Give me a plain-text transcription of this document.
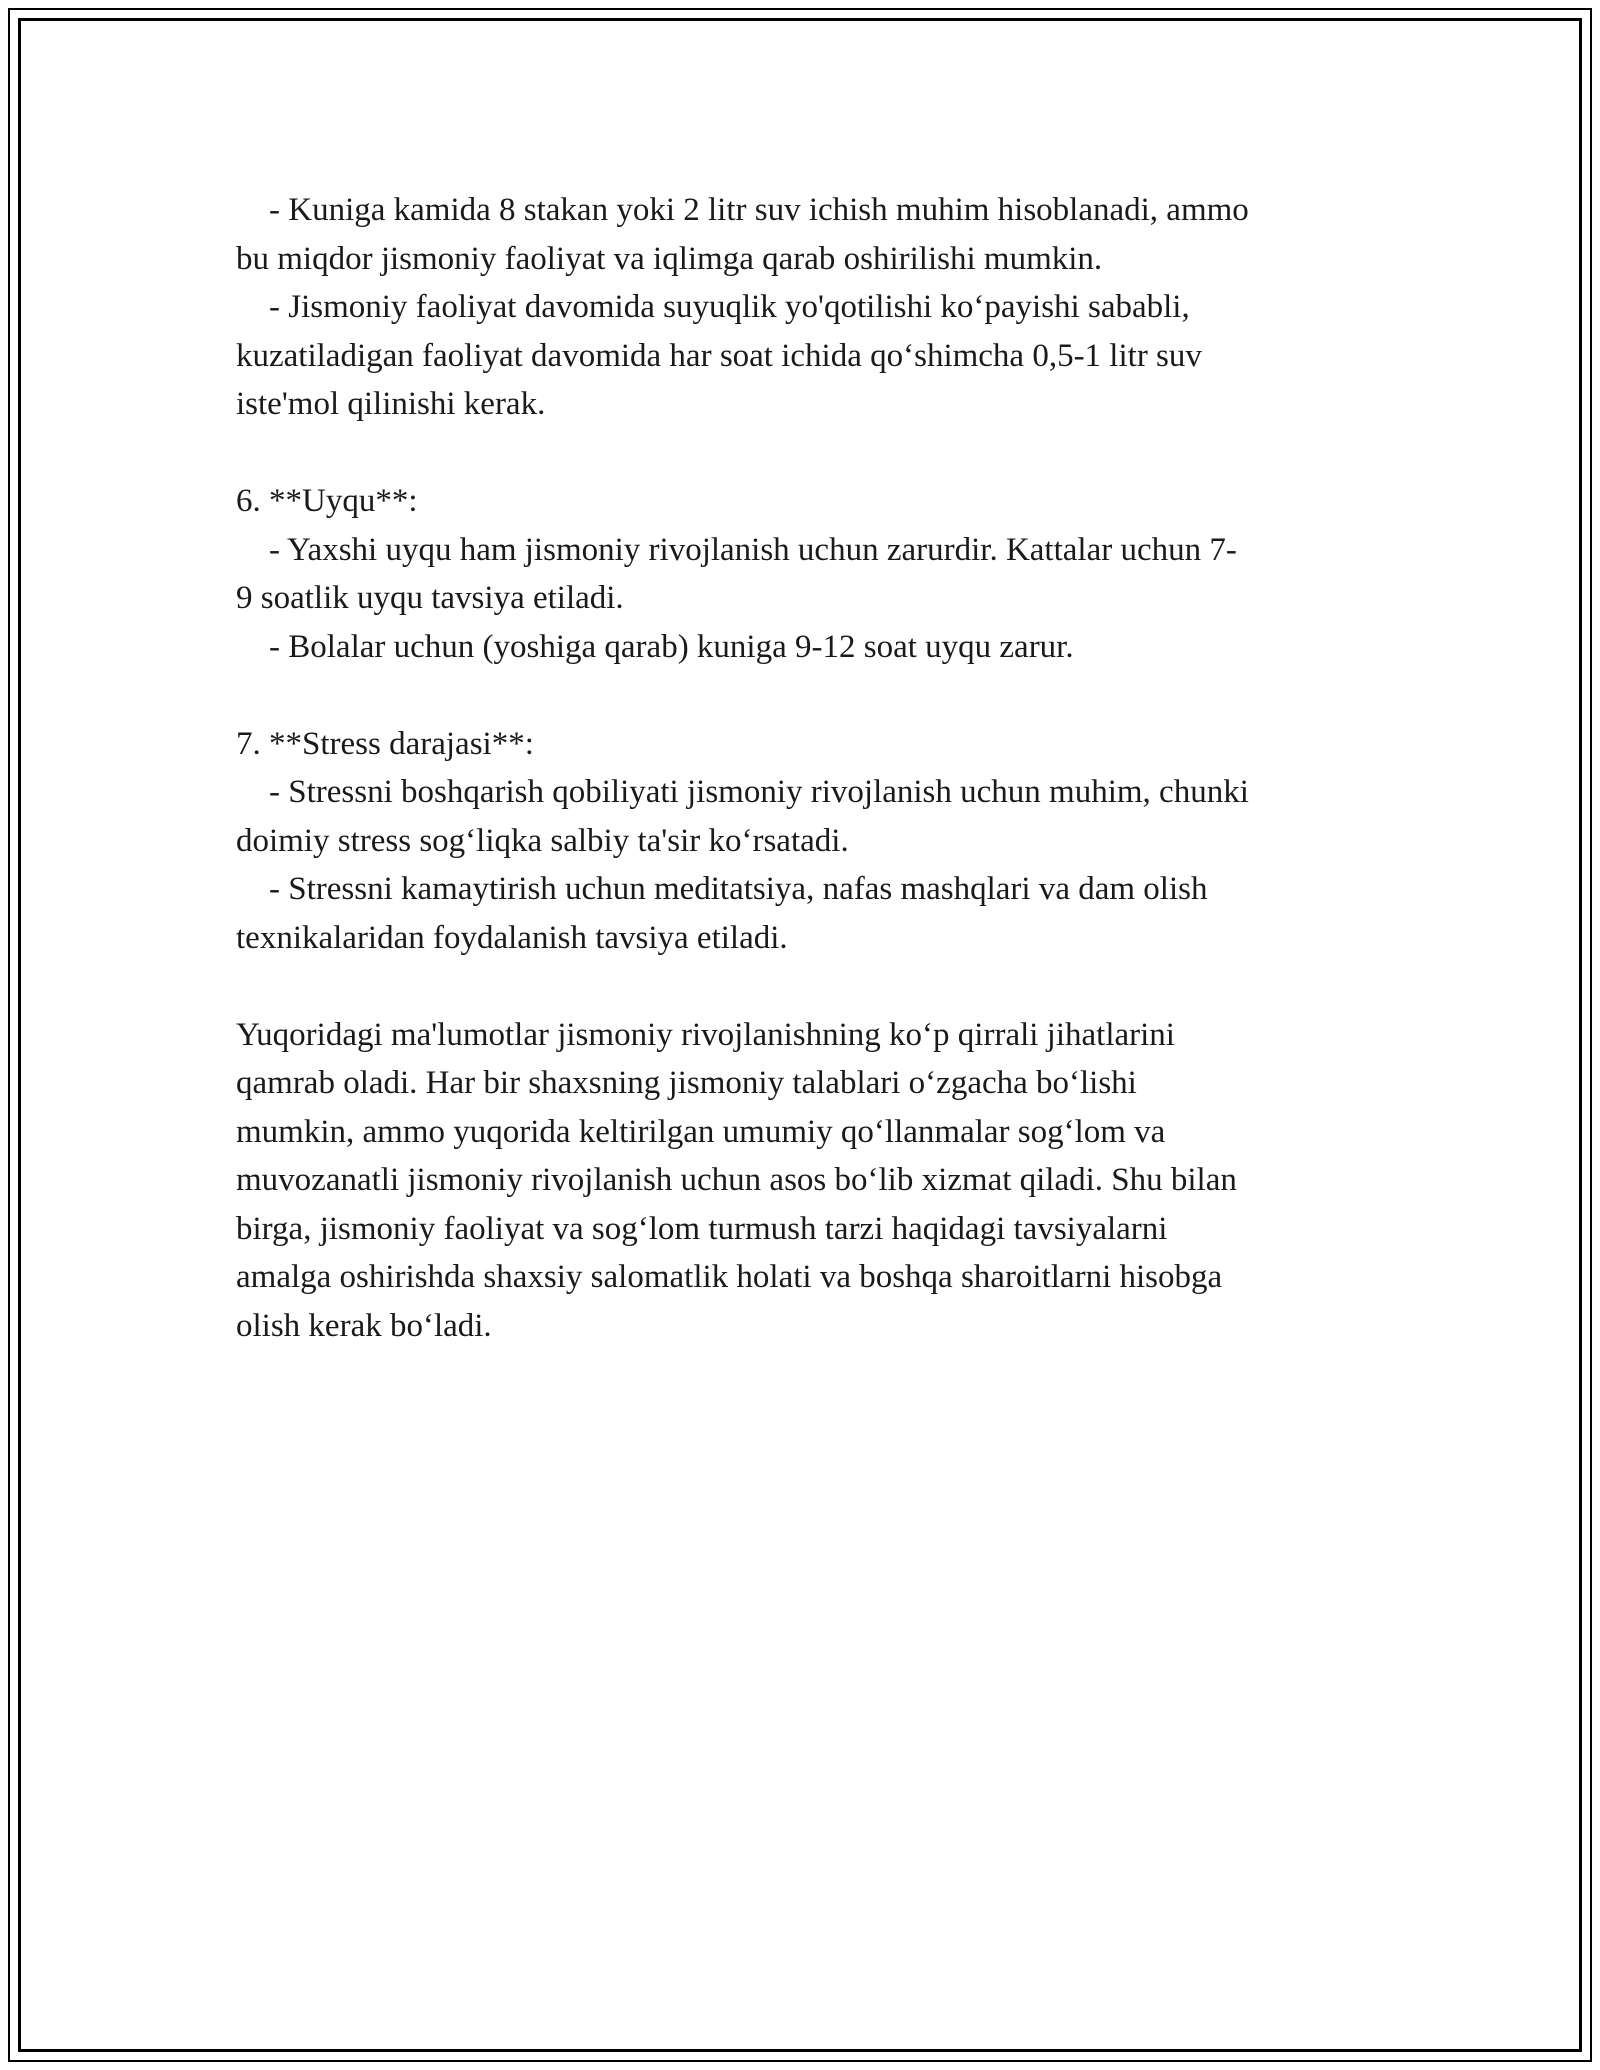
- Kuniga kamida 8 stakan yoki 2 litr suv ichish muhim hisoblanadi, ammo
bu miqdor jismoniy faoliyat va iqlimga qarab oshirilishi mumkin.
- Jismoniy faoliyat davomida suyuqlik yo'qotilishi ko‘payishi sababli,
kuzatiladigan faoliyat davomida har soat ichida qo‘shimcha 0,5-1 litr suv
iste'mol qilinishi kerak.
6. **Uyqu**:
- Yaxshi uyqu ham jismoniy rivojlanish uchun zarurdir. Kattalar uchun 7-
9 soatlik uyqu tavsiya etiladi.
- Bolalar uchun (yoshiga qarab) kuniga 9-12 soat uyqu zarur.
7. **Stress darajasi**:
- Stressni boshqarish qobiliyati jismoniy rivojlanish uchun muhim, chunki
doimiy stress sog‘liqka salbiy ta'sir ko‘rsatadi.
- Stressni kamaytirish uchun meditatsiya, nafas mashqlari va dam olish
texnikalaridan foydalanish tavsiya etiladi.
Yuqoridagi ma'lumotlar jismoniy rivojlanishning ko‘p qirrali jihatlarini
qamrab oladi. Har bir shaxsning jismoniy talablari o‘zgacha bo‘lishi
mumkin, ammo yuqorida keltirilgan umumiy qo‘llanmalar sog‘lom va
muvozanatli jismoniy rivojlanish uchun asos bo‘lib xizmat qiladi. Shu bilan
birga, jismoniy faoliyat va sog‘lom turmush tarzi haqidagi tavsiyalarni
amalga oshirishda shaxsiy salomatlik holati va boshqa sharoitlarni hisobga
olish kerak bo‘ladi.
